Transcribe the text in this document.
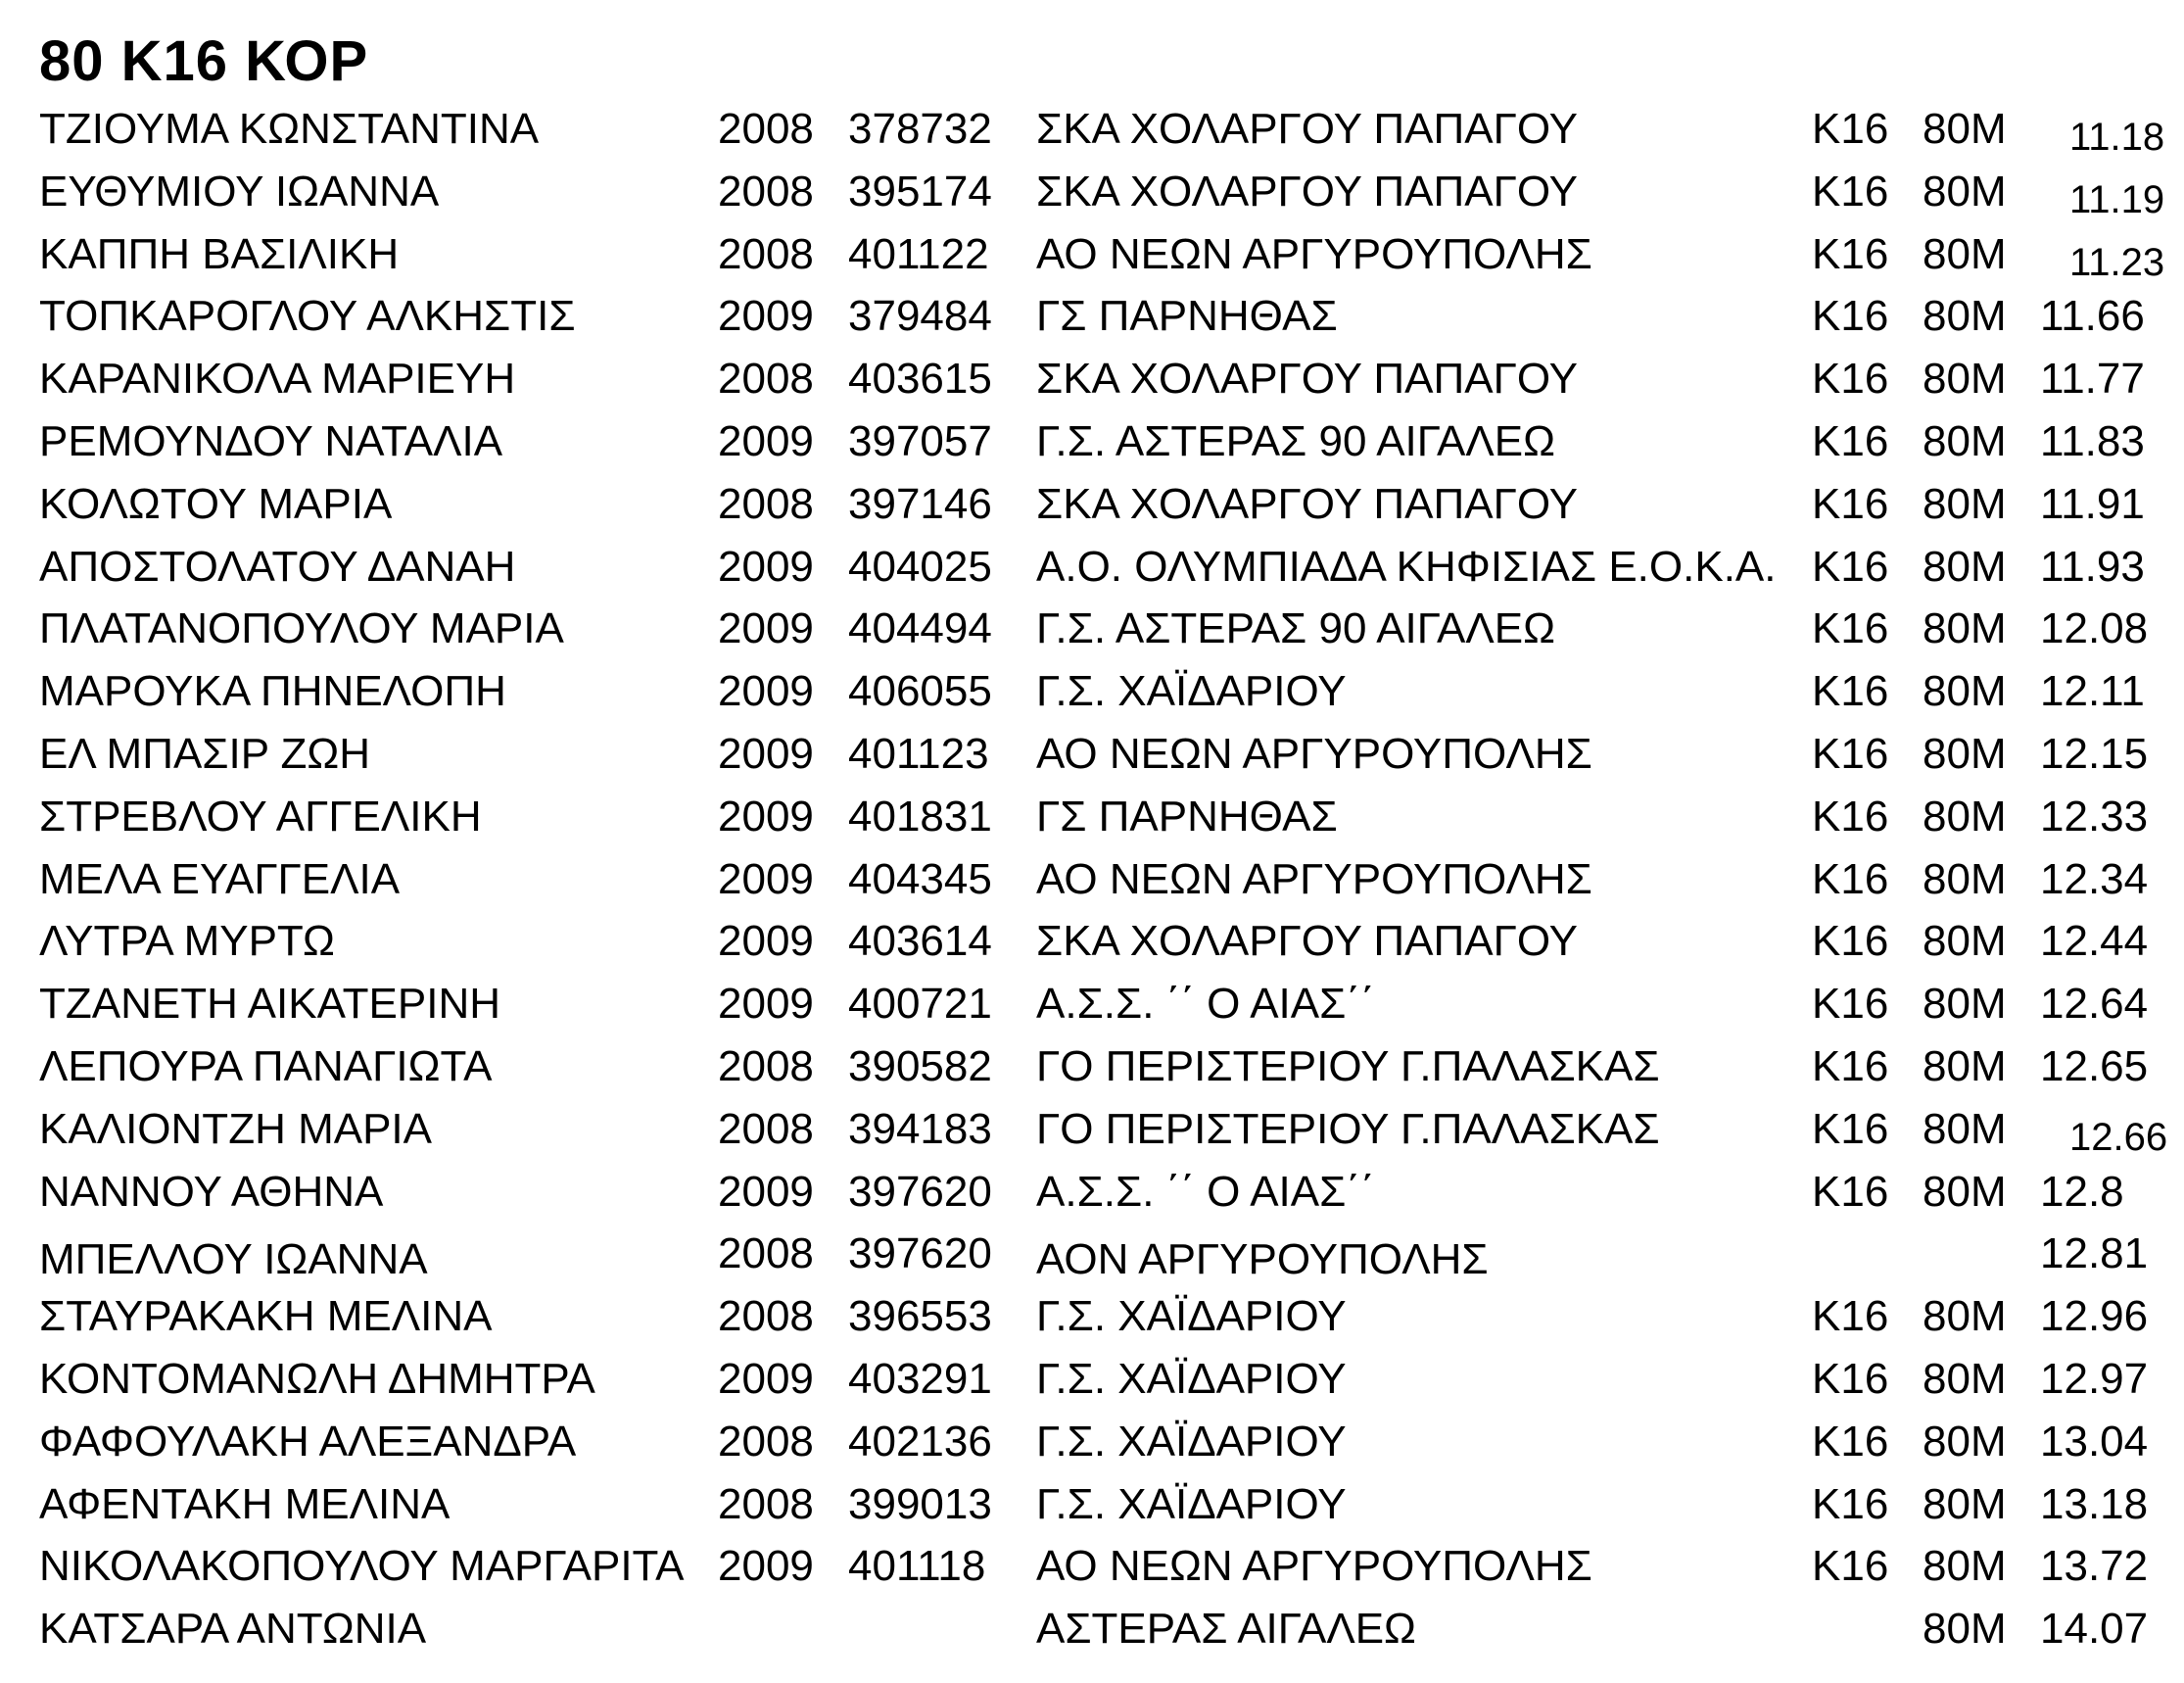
80 Κ16 ΚΟΡ
ΤΖΙΟΥΜΑ ΚΩΝΣΤΑΝΤΙΝΑ	2008 378732 ΣΚΑ ΧΟΛΑΡΓΟΥ ΠΑΠΑΓΟΥ	Κ16 80Μ 11.18
ΕΥΘΥΜΙΟΥ ΙΩΑΝΝΑ	2008 395174 ΣΚΑ ΧΟΛΑΡΓΟΥ ΠΑΠΑΓΟΥ	Κ16 80Μ 11.19
ΚΑΠΠΗ ΒΑΣΙΛΙΚΗ	2008 401122 ΑΟ ΝΕΩΝ ΑΡΓΥΡΟΥΠΟΛΗΣ	Κ16 80Μ 11.23
ΤΟΠΚΑΡΟΓΛΟΥ ΑΛΚΗΣΤΙΣ	2009 379484 ΓΣ ΠΑΡΝΗΘΑΣ	Κ16 80Μ 11.66
ΚΑΡΑΝΙΚΟΛΑ ΜΑΡΙΕΥΗ	2008 403615 ΣΚΑ ΧΟΛΑΡΓΟΥ ΠΑΠΑΓΟΥ	Κ16 80Μ 11.77
ΡΕΜΟΥΝΔΟΥ ΝΑΤΑΛΙΑ	2009 397057 Γ.Σ. ΑΣΤΕΡΑΣ 90 ΑΙΓΑΛΕΩ	Κ16 80Μ 11.83
ΚΟΛΩΤΟΥ ΜΑΡΙΑ	2008 397146 ΣΚΑ ΧΟΛΑΡΓΟΥ ΠΑΠΑΓΟΥ	Κ16 80Μ 11.91
ΑΠΟΣΤΟΛΑΤΟΥ ΔΑΝΑΗ	2009 404025 Α.Ο. ΟΛΥΜΠΙΑΔΑ ΚΗΦΙΣΙΑΣ Ε.Ο.Κ.Α. Κ16 80Μ 11.93
ΠΛΑΤΑΝΟΠΟΥΛΟΥ ΜΑΡΙΑ	2009 404494 Γ.Σ. ΑΣΤΕΡΑΣ 90 ΑΙΓΑΛΕΩ	Κ16 80Μ 12.08
ΜΑΡΟΥΚΑ ΠΗΝΕΛΟΠΗ	2009 406055 Γ.Σ. ΧΑΪΔΑΡΙΟΥ	Κ16 80Μ 12.11
ΕΛ ΜΠΑΣΙΡ ΖΩΗ	2009 401123 ΑΟ ΝΕΩΝ ΑΡΓΥΡΟΥΠΟΛΗΣ	Κ16 80Μ 12.15
ΣΤΡΕΒΛΟΥ ΑΓΓΕΛΙΚΗ	2009 401831 ΓΣ ΠΑΡΝΗΘΑΣ	Κ16 80Μ 12.33
ΜΕΛΑ ΕΥΑΓΓΕΛΙΑ	2009 404345 ΑΟ ΝΕΩΝ ΑΡΓΥΡΟΥΠΟΛΗΣ	Κ16 80Μ 12.34
ΛΥΤΡΑ ΜΥΡΤΩ	2009 403614 ΣΚΑ ΧΟΛΑΡΓΟΥ ΠΑΠΑΓΟΥ	Κ16 80Μ 12.44
ΤΖΑΝΕΤΗ ΑΙΚΑΤΕΡΙΝΗ	2009 400721 Α.Σ.Σ. ΄΄ Ο ΑΙΑΣ΄΄	Κ16 80Μ 12.64
ΛΕΠΟΥΡΑ ΠΑΝΑΓΙΩΤΑ	2008 390582 ΓΟ ΠΕΡΙΣΤΕΡΙΟΥ Γ.ΠΑΛΑΣΚΑΣ	Κ16 80Μ 12.65
ΚΑΛΙΟΝΤΖΗ ΜΑΡΙΑ	2008 394183 ΓΟ ΠΕΡΙΣΤΕΡΙΟΥ Γ.ΠΑΛΑΣΚΑΣ	Κ16 80Μ 12.66
ΝΑΝΝΟΥ ΑΘΗΝΑ	2009 397620 Α.Σ.Σ. ΄΄ Ο ΑΙΑΣ΄΄	Κ16 80Μ 12.8
ΜΠΕΛΛΟΥ ΙΩΑΝΝΑ	2008 397620 ΑΟΝ ΑΡΓΥΡΟΥΠΟΛΗΣ	12.81
ΣΤΑΥΡΑΚΑΚΗ ΜΕΛΙΝΑ	2008 396553 Γ.Σ. ΧΑΪΔΑΡΙΟΥ	Κ16 80Μ 12.96
ΚΟΝΤΟΜΑΝΩΛΗ ΔΗΜΗΤΡΑ	2009 403291 Γ.Σ. ΧΑΪΔΑΡΙΟΥ	Κ16 80Μ 12.97
ΦΑΦΟΥΛΑΚΗ ΑΛΕΞΑΝΔΡΑ	2008 402136 Γ.Σ. ΧΑΪΔΑΡΙΟΥ	Κ16 80Μ 13.04
ΑΦΕΝΤΑΚΗ ΜΕΛΙΝΑ	2008 399013 Γ.Σ. ΧΑΪΔΑΡΙΟΥ	Κ16 80Μ 13.18
ΝΙΚΟΛΑΚΟΠΟΥΛΟΥ ΜΑΡΓΑΡΙΤΑ 2009 401118 ΑΟ ΝΕΩΝ ΑΡΓΥΡΟΥΠΟΛΗΣ	Κ16 80Μ 13.72
ΚΑΤΣΑΡΑ ΑΝΤΩΝΙΑ	ΑΣΤΕΡΑΣ ΑΙΓΑΛΕΩ	80Μ 14.07
